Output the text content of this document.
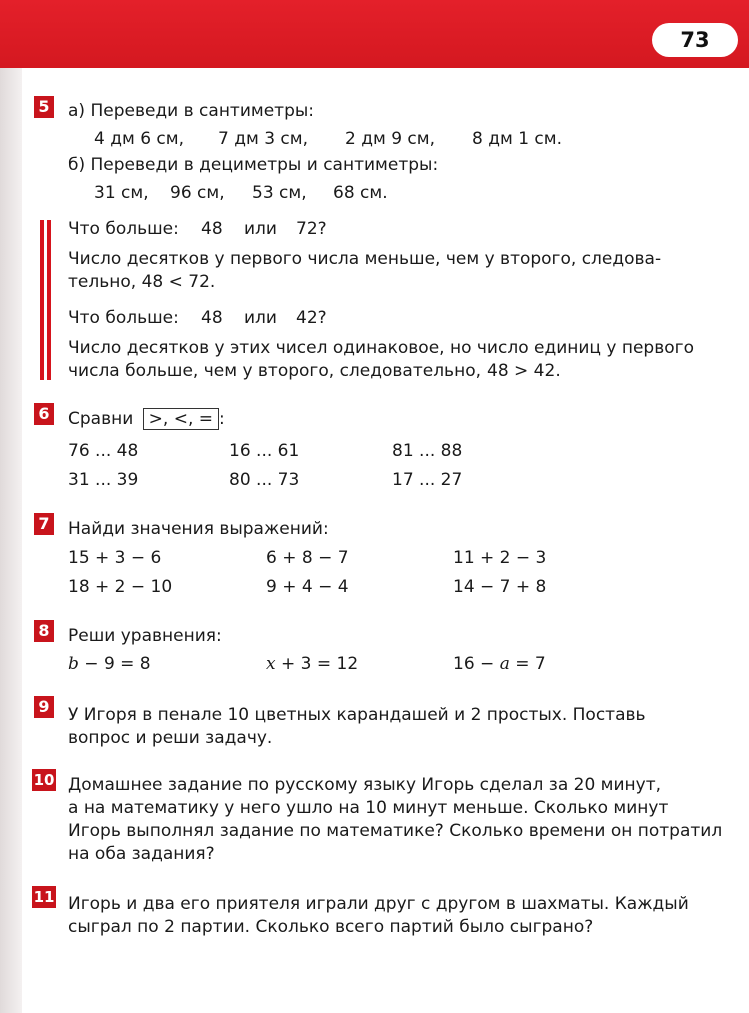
73
5 а) Переведи в сантиметры:
4 дм 6 см, 7 дм 3 см, 2 дм 9 см, 8 дм 1 см.
б) Переведи в дециметры и сантиметры:
31 см, 96 см, 53 см, 68 см.
Что больше: 48 или 72?
Число десятков у первого числа меньше, чем у второго, следова-
тельно, 48 < 72.
Что больше: 48 или 42?
Число десятков у этих чисел одинаковое, но число единиц у первого
числа больше, чем у второго, следовательно, 48 > 42.
6 Сравни >, <, = :
76 ... 48	16 ... 61	81 ... 88
31 ... 39	80 ... 73	17 ... 27
7 Найди значения выражений:
15 + 3 − 6	6 + 8 − 7	11 + 2 − 3
18 + 2 − 10	9 + 4 − 4	14 − 7 + 8
8 Реши уравнения:
b − 9 = 8	x + 3 = 12	16 − a = 7
9 У Игоря в пенале 10 цветных карандашей и 2 простых. Поставь
вопрос и реши задачу.
10 Домашнее задание по русскому языку Игорь сделал за 20 минут,
а на математику у него ушло на 10 минут меньше. Сколько минут
Игорь выполнял задание по математике? Сколько времени он потратил
на оба задания?
11 Игорь и два его приятеля играли друг с другом в шахматы. Каждый
сыграл по 2 партии. Сколько всего партий было сыграно?
